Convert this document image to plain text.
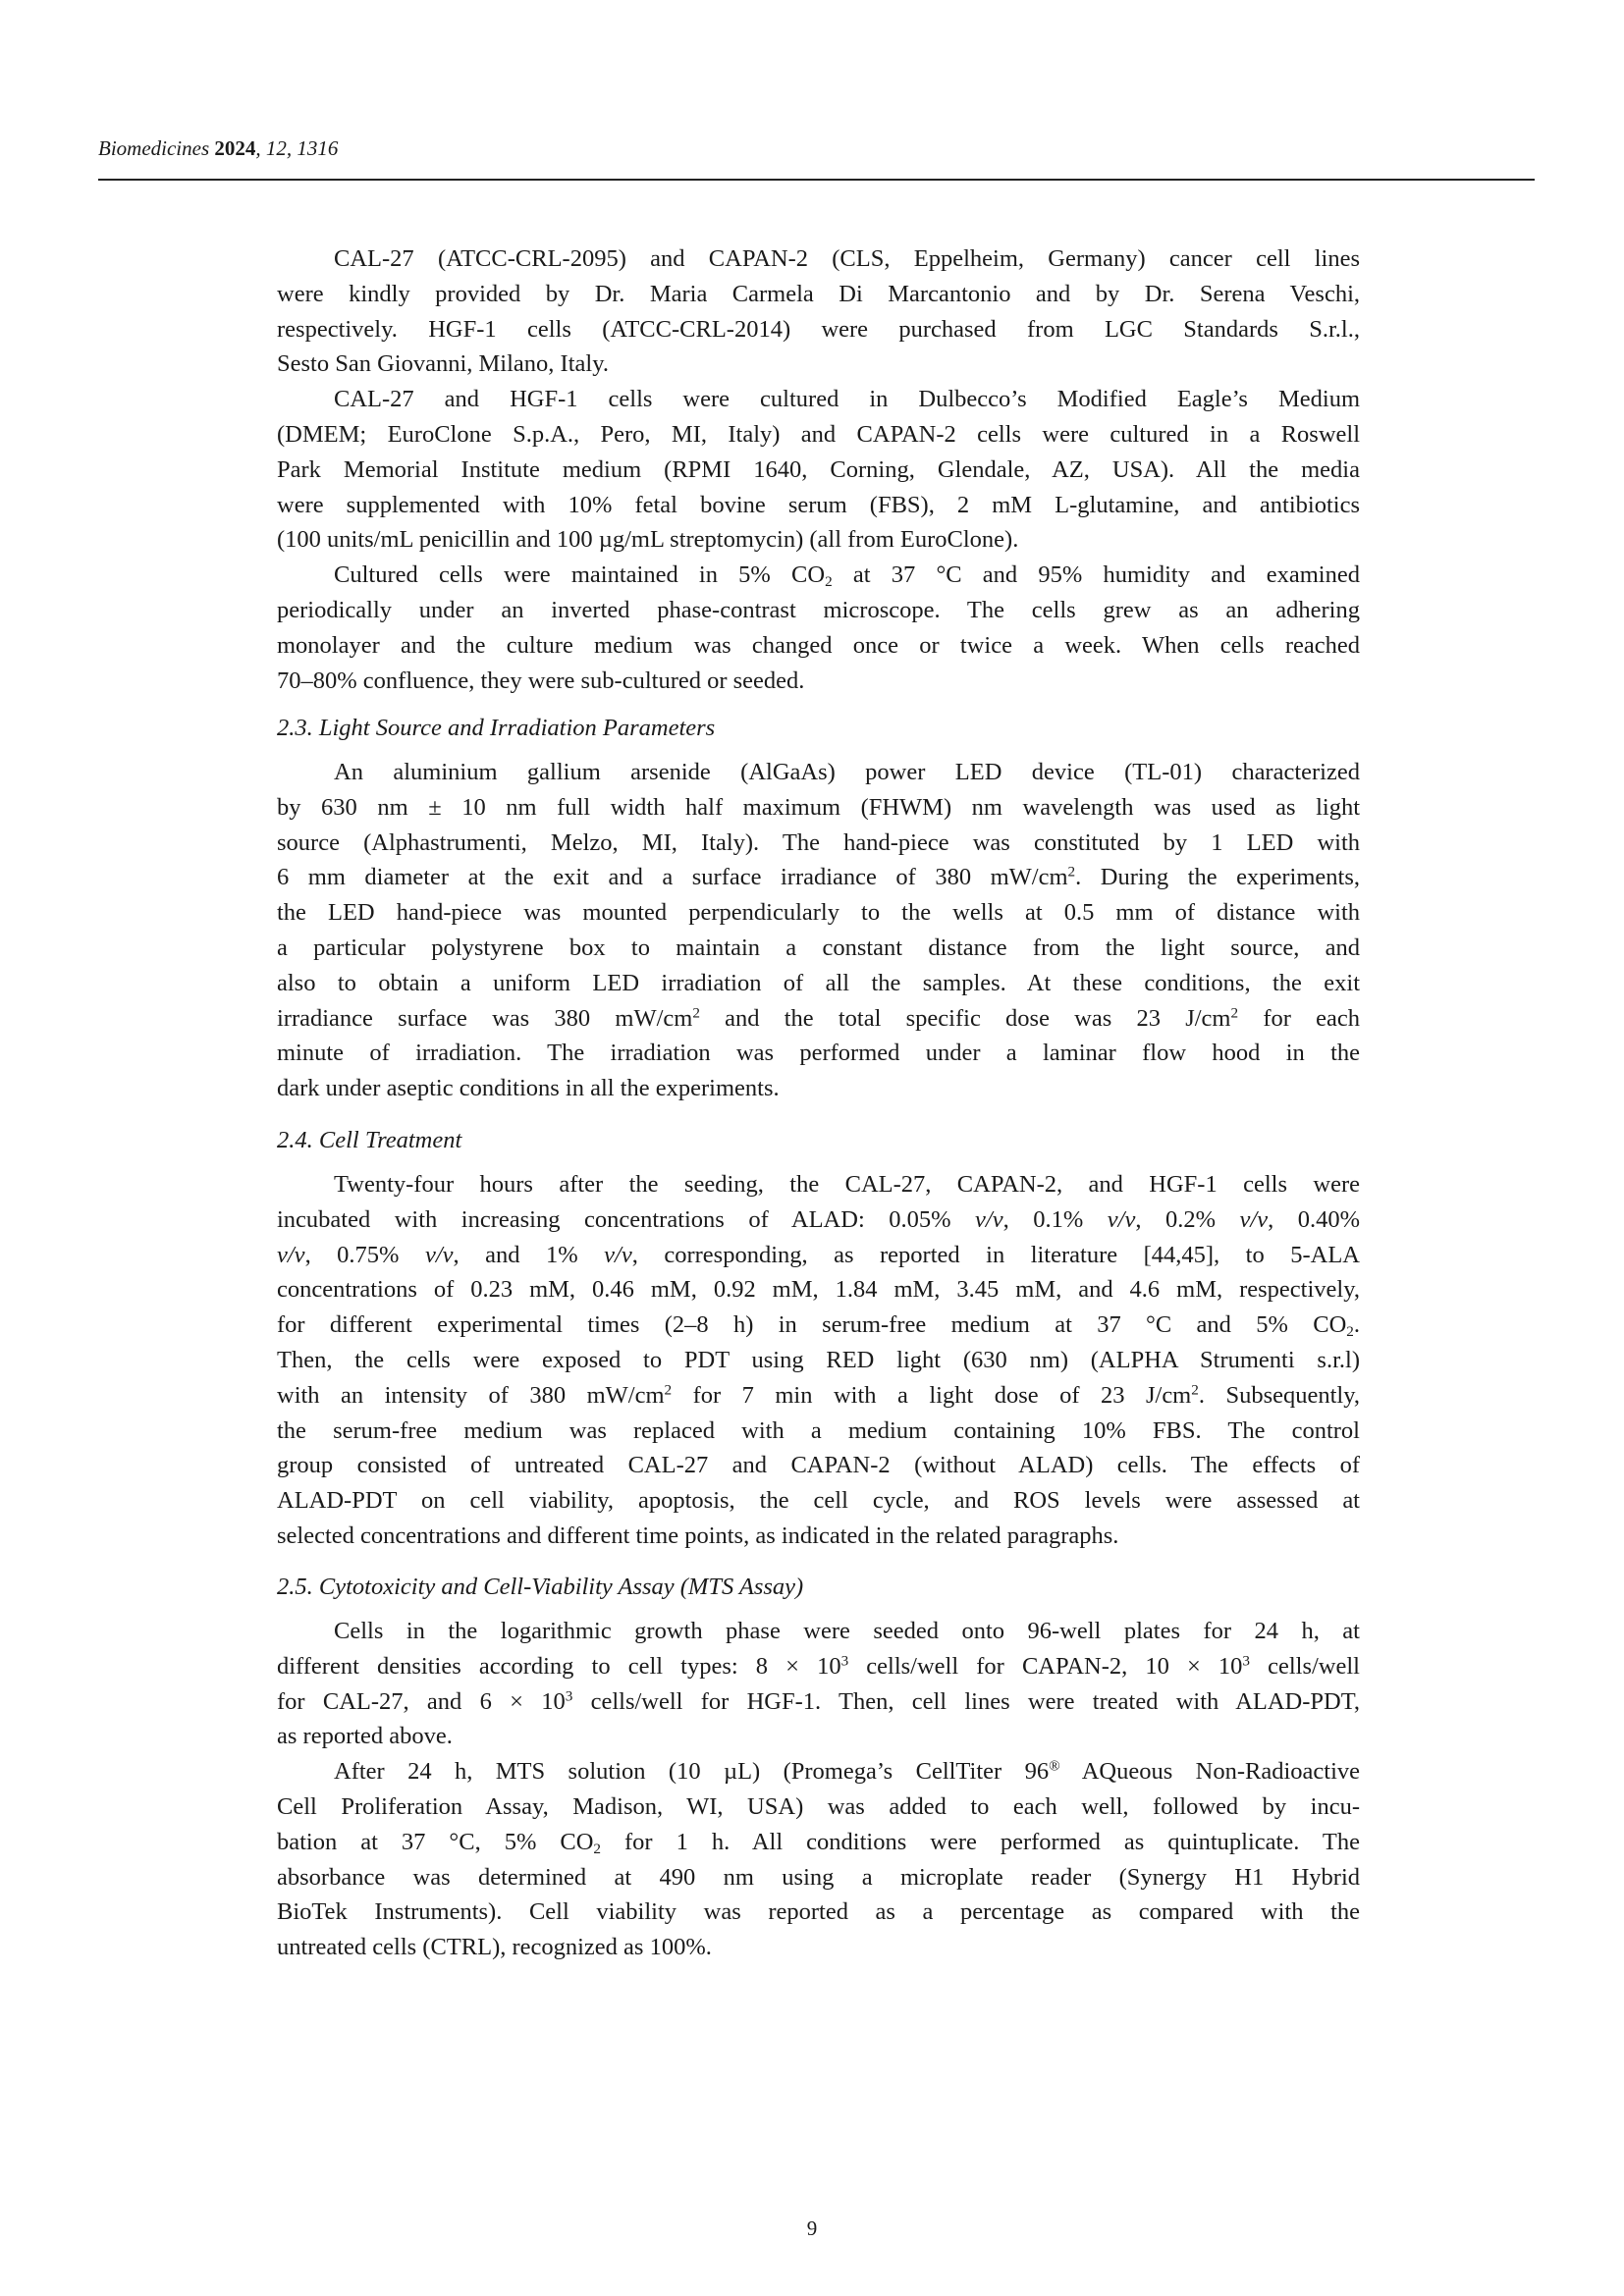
Biomedicines 2024, 12, 1316
CAL-27 (ATCC-CRL-2095) and CAPAN-2 (CLS, Eppelheim, Germany) cancer cell lines
were kindly provided by Dr. Maria Carmela Di Marcantonio and by Dr. Serena Veschi,
respectively. HGF-1 cells (ATCC-CRL-2014) were purchased from LGC Standards S.r.l.,
Sesto San Giovanni, Milano, Italy.
CAL-27 and HGF-1 cells were cultured in Dulbecco’s Modified Eagle’s Medium
(DMEM; EuroClone S.p.A., Pero, MI, Italy) and CAPAN-2 cells were cultured in a Roswell
Park Memorial Institute medium (RPMI 1640, Corning, Glendale, AZ, USA). All the media
were supplemented with 10% fetal bovine serum (FBS), 2 mM L-glutamine, and antibiotics
(100 units/mL penicillin and 100 µg/mL streptomycin) (all from EuroClone).
Cultured cells were maintained in 5% $CO_2$ at 37 °C and 95% humidity and examined
periodically under an inverted phase-contrast microscope. The cells grew as an adhering
monolayer and the culture medium was changed once or twice a week. When cells reached
70–80% confluence, they were sub-cultured or seeded.
2.3. Light Source and Irradiation Parameters
An aluminium gallium arsenide (AlGaAs) power LED device (TL-01) characterized
by 630 nm ± 10 nm full width half maximum (FHWM) nm wavelength was used as light
source (Alphastrumenti, Melzo, MI, Italy). The hand-piece was constituted by 1 LED with
6 mm diameter at the exit and a surface irradiance of 380 $mW/cm^2$. During the experiments,
the LED hand-piece was mounted perpendicularly to the wells at 0.5 mm of distance with
a particular polystyrene box to maintain a constant distance from the light source, and
also to obtain a uniform LED irradiation of all the samples. At these conditions, the exit
irradiance surface was 380 $mW/cm^2$ and the total specific dose was 23 $J/cm^2$ for each
minute of irradiation. The irradiation was performed under a laminar flow hood in the
dark under aseptic conditions in all the experiments.
2.4. Cell Treatment
Twenty-four hours after the seeding, the CAL-27, CAPAN-2, and HGF-1 cells were
incubated with increasing concentrations of ALAD: 0.05% v/v, 0.1% v/v, 0.2% v/v, 0.40%
v/v, 0.75% v/v, and 1% v/v, corresponding, as reported in literature [44,45], to 5-ALA
concentrations of 0.23 mM, 0.46 mM, 0.92 mM, 1.84 mM, 3.45 mM, and 4.6 mM, respectively,
for different experimental times (2–8 h) in serum-free medium at 37 °C and 5% $CO_2$.
Then, the cells were exposed to PDT using RED light (630 nm) (ALPHA Strumenti s.r.l)
with an intensity of 380 $mW/cm^2$ for 7 min with a light dose of 23 $J/cm^2$. Subsequently,
the serum-free medium was replaced with a medium containing 10% FBS. The control
group consisted of untreated CAL-27 and CAPAN-2 (without ALAD) cells. The effects of
ALAD-PDT on cell viability, apoptosis, the cell cycle, and ROS levels were assessed at
selected concentrations and different time points, as indicated in the related paragraphs.
2.5. Cytotoxicity and Cell-Viability Assay (MTS Assay)
Cells in the logarithmic growth phase were seeded onto 96-well plates for 24 h, at
different densities according to cell types: $8 \times 10^3$ cells/well for CAPAN-2, $10 \times 10^3$ cells/well
for CAL-27, and $6 \times 10^3$ cells/well for HGF-1. Then, cell lines were treated with ALAD-PDT,
as reported above.
After 24 h, MTS solution (10 µL) (Promega’s CellTiter 96® AQueous Non-Radioactive
Cell Proliferation Assay, Madison, WI, USA) was added to each well, followed by incu-
bation at 37 °C, 5% $CO_2$ for 1 h. All conditions were performed as quintuplicate. The
absorbance was determined at 490 nm using a microplate reader (Synergy H1 Hybrid
BioTek Instruments). Cell viability was reported as a percentage as compared with the
untreated cells (CTRL), recognized as 100%.
9
